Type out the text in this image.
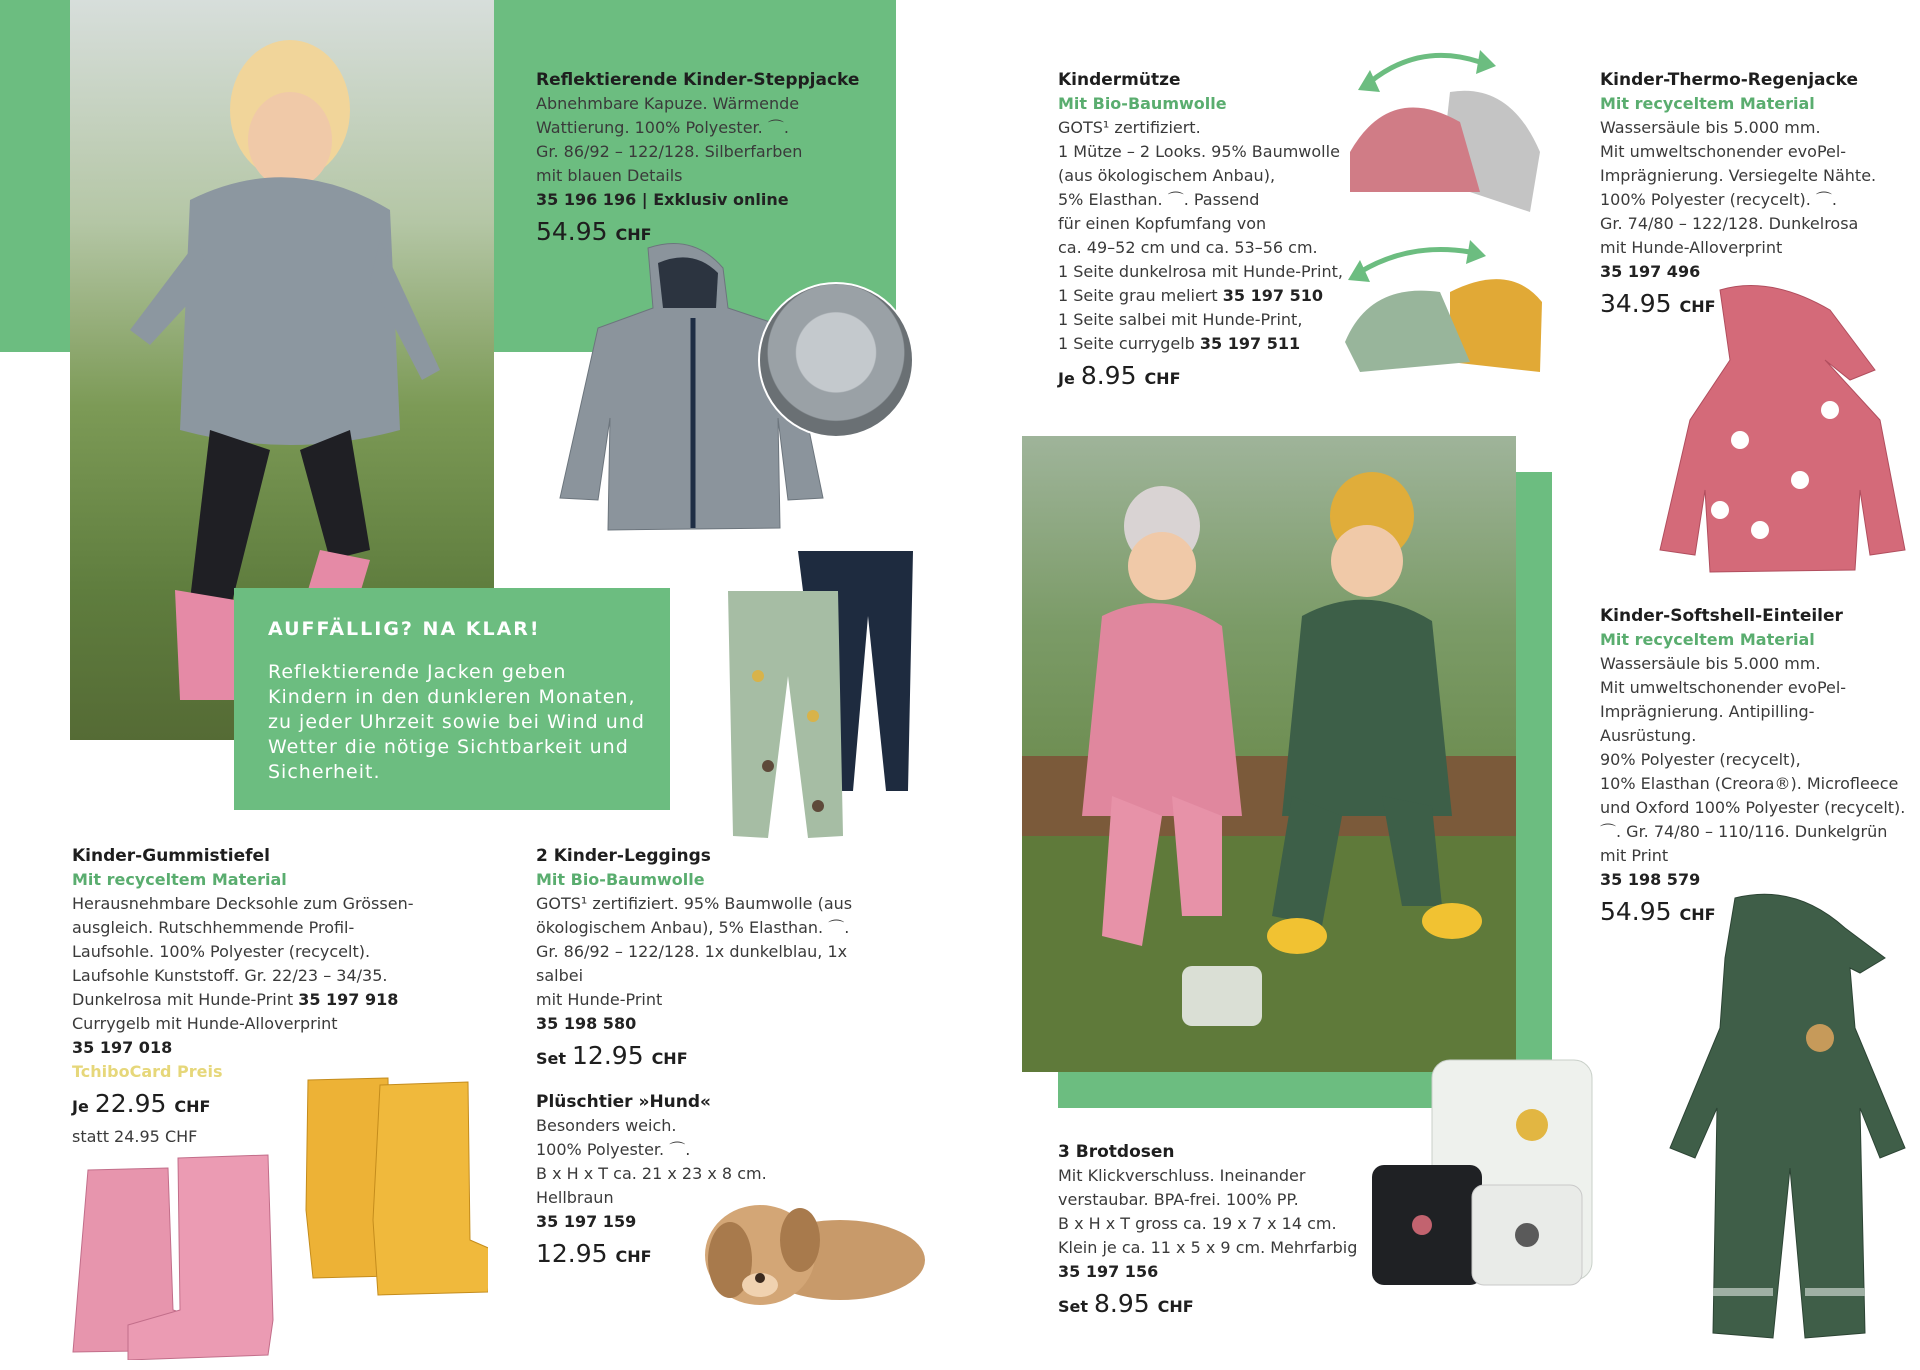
Reflektierende Kinder-Steppjacke
Abnehmbare Kapuze. Wärmende
Wattierung. 100% Polyester. ⌒.
Gr. 86/92 – 122/128. Silberfarben
mit blauen Details
35 196 196 | Exklusiv online
54.95 CHF
AUFFÄLLIG? NA KLAR!

Reflektierende Jacken geben Kindern in den dunkleren Monaten, zu jeder Uhrzeit sowie bei Wind und Wetter die nötige Sichtbarkeit und Sicherheit.

Kinder-Gummistiefel
Mit recyceltem Material
Herausnehmbare Decksohle zum Grössen-
ausgleich. Rutschhemmende Profil-
Laufsohle. 100% Polyester (recycelt).
Laufsohle Kunststoff. Gr. 22/23 – 34/35.
Dunkelrosa mit Hunde-Print 35 197 918
Currygelb mit Hunde-Alloverprint
35 197 018
TchiboCard Preis
Je 22.95 CHF
statt 24.95 CHF
2 Kinder-Leggings
Mit Bio-Baumwolle
GOTS¹ zertifiziert. 95% Baumwolle (aus
ökologischem Anbau), 5% Elasthan. ⌒.
Gr. 86/92 – 122/128. 1x dunkelblau, 1x salbei
mit Hunde-Print
35 198 580
Set 12.95 CHF
Plüschtier »Hund«
Besonders weich.
100% Polyester. ⌒.
B x H x T ca. 21 x 23 x 8 cm.
Hellbraun
35 197 159
12.95 CHF
Kindermütze
Mit Bio-Baumwolle
GOTS¹ zertifiziert.
1 Mütze – 2 Looks. 95% Baumwolle
(aus ökologischem Anbau),
5% Elasthan. ⌒. Passend
für einen Kopfumfang von
ca. 49–52 cm und ca. 53–56 cm.
1 Seite dunkelrosa mit Hunde-Print,
1 Seite grau meliert 35 197 510
1 Seite salbei mit Hunde-Print,
1 Seite currygelb 35 197 511
Je 8.95 CHF
Kinder-Thermo-Regenjacke
Mit recyceltem Material
Wassersäule bis 5.000 mm.
Mit umweltschonender evoPel-
Imprägnierung. Versiegelte Nähte.
100% Polyester (recycelt). ⌒.
Gr. 74/80 – 122/128. Dunkelrosa
mit Hunde-Alloverprint
35 197 496
34.95 CHF
Kinder-Softshell-Einteiler
Mit recyceltem Material
Wassersäule bis 5.000 mm.
Mit umweltschonender evoPel-
Imprägnierung. Antipilling-Ausrüstung.
90% Polyester (recycelt),
10% Elasthan (Creora®). Microfleece
und Oxford 100% Polyester (recycelt).
⌒. Gr. 74/80 – 110/116. Dunkelgrün
mit Print
35 198 579
54.95 CHF
3 Brotdosen
Mit Klickverschluss. Ineinander
verstaubar. BPA-frei. 100% PP.
B x H x T gross ca. 19 x 7 x 14 cm.
Klein je ca. 11 x 5 x 9 cm. Mehrfarbig
35 197 156
Set 8.95 CHF
